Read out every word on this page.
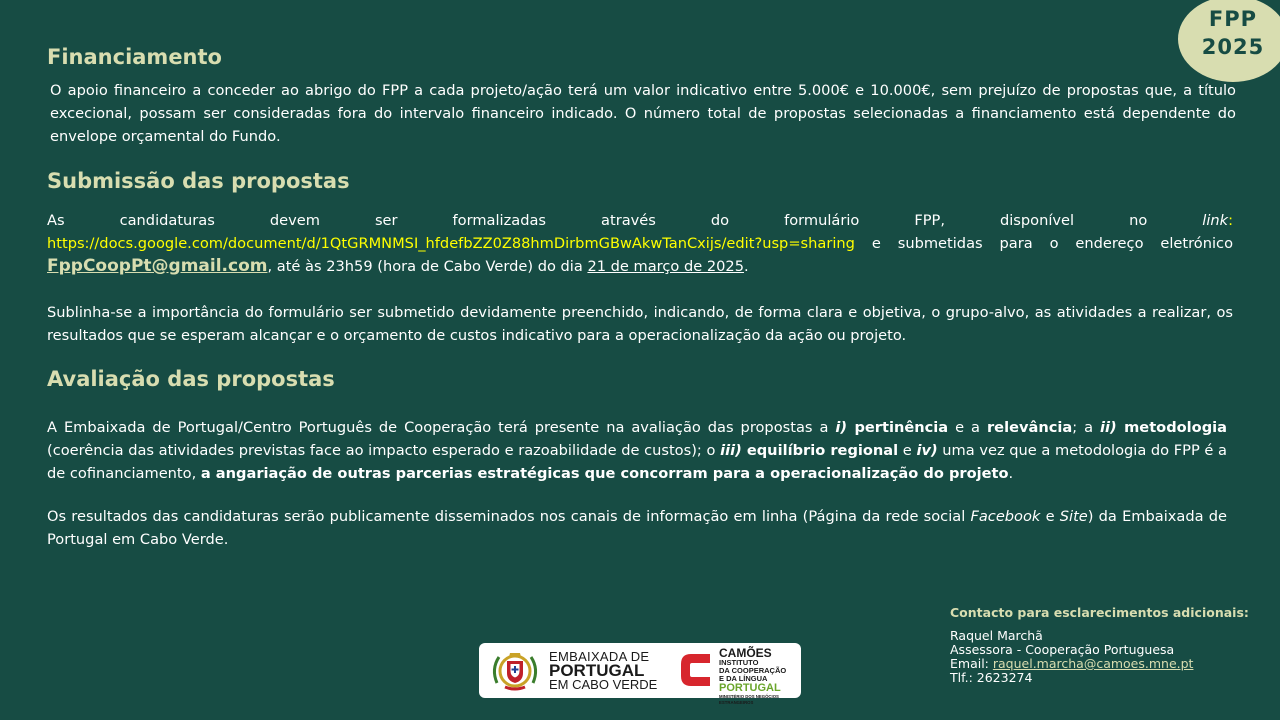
FPP
2025
Financiamento

O apoio financeiro a conceder ao abrigo do FPP a cada projeto/ação terá um valor indicativo entre 5.000€ e 10.000€, sem prejuízo de propostas que, a título excecional, possam ser consideradas fora do intervalo financeiro indicado. O número total de propostas selecionadas a financiamento está dependente do envelope orçamental do Fundo.

Submissão das propostas

As candidaturas devem ser formalizadas através do formulário FPP, disponível no link: https://docs.google.com/document/d/1QtGRMNMSI_hfdefbZZ0Z88hmDirbmGBwAkwTanCxijs/edit?usp=sharing e submetidas para o endereço eletrónico FppCoopPt@gmail.com, até às 23h59 (hora de Cabo Verde) do dia 21 de março de 2025.

Sublinha-se a importância do formulário ser submetido devidamente preenchido, indicando, de forma clara e objetiva, o grupo-alvo, as atividades a realizar, os resultados que se esperam alcançar e o orçamento de custos indicativo para a operacionalização da ação ou projeto.

Avaliação das propostas

A Embaixada de Portugal/Centro Português de Cooperação terá presente na avaliação das propostas a i) pertinência e a relevância; a ii) metodologia (coerência das atividades previstas face ao impacto esperado e razoabilidade de custos); o iii) equilíbrio regional e iv) uma vez que a metodologia do FPP é a de cofinanciamento, a angariação de outras parcerias estratégicas que concorram para a operacionalização do projeto.

Os resultados das candidaturas serão publicamente disseminados nos canais de informação em linha (Página da rede social Facebook e Site) da Embaixada de Portugal em Cabo Verde.

Contacto para esclarecimentos adicionais:
Raquel Marchã
Assessora - Cooperação Portuguesa
Email: raquel.marcha@camoes.mne.pt
Tlf.: 2623274
EMBAIXADA DE
PORTUGAL
EM CABO VERDE
CAMÕES
INSTITUTO
DA COOPERAÇÃO
E DA LÍNGUA
PORTUGAL
MINISTÉRIO DOS NEGÓCIOS ESTRANGEIROS
